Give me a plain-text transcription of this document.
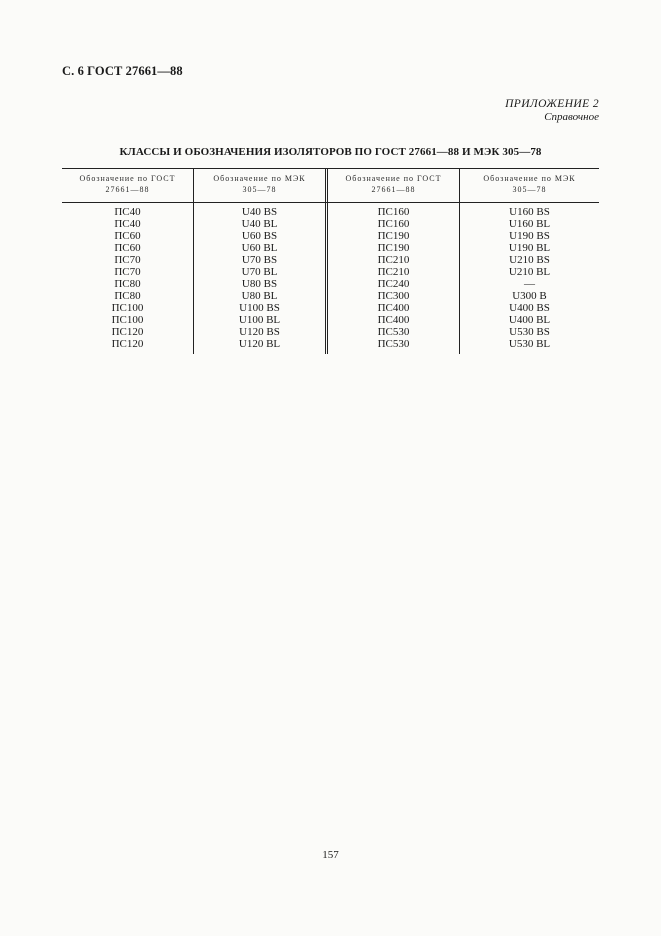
С. 6 ГОСТ 27661—88
ПРИЛОЖЕНИЕ 2
Справочное
КЛАССЫ И ОБОЗНАЧЕНИЯ ИЗОЛЯТОРОВ ПО ГОСТ 27661—88 И МЭК 305—78
Обозначение по ГОСТ
27661—88
Обозначение по МЭК
305—78
Обозначение по ГОСТ
27661—88
Обозначение по МЭК
305—78
ПС40
ПС40
ПС60
ПС60
ПС70
ПС70
ПС80
ПС80
ПС100
ПС100
ПС120
ПС120
U40 BS
U40 BL
U60 BS
U60 BL
U70 BS
U70 BL
U80 BS
U80 BL
U100 BS
U100 BL
U120 BS
U120 BL
ПС160
ПС160
ПС190
ПС190
ПС210
ПС210
ПС240
ПС300
ПС400
ПС400
ПС530
ПС530
U160 BS
U160 BL
U190 BS
U190 BL
U210 BS
U210 BL
—
U300 B
U400 BS
U400 BL
U530 BS
U530 BL
157
